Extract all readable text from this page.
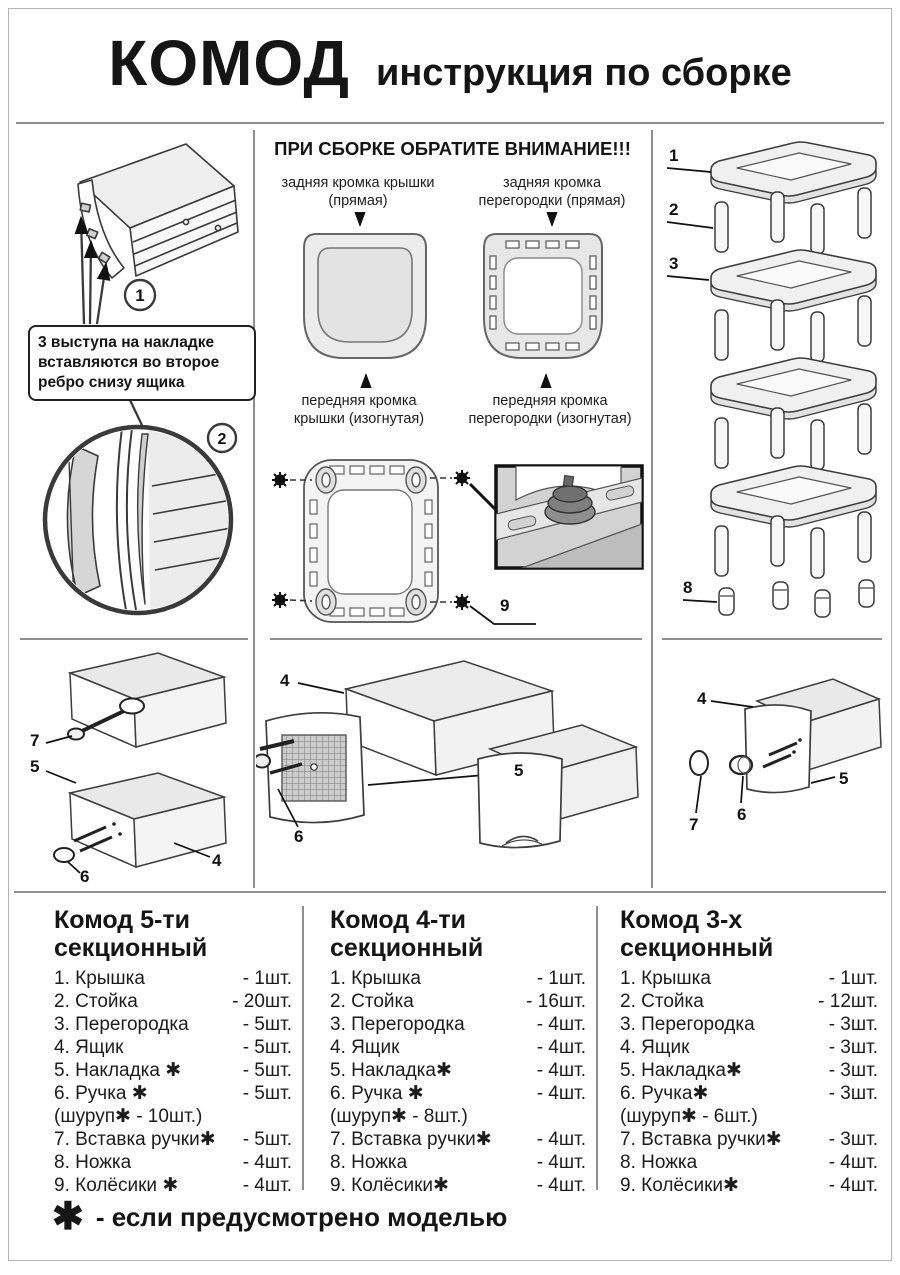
КОМОД инструкция по сборке
1
2
3 выступа на накладке вставляются во второе ребро снизу ящика
ПРИ СБОРКЕ ОБРАТИТЕ ВНИМАНИЕ!!!
задняя кромка крышки (прямая)
задняя кромка перегородки (прямая)
передняя кромка крышки (изогнутая)
передняя кромка перегородки (изогнутая)
9
1
2
3
8
7
5
6
4
4
6
5
4
5
6
7
Комод 5-ти секционный
1. Крышка	- 1шт.
2. Стойка	- 20шт.
3. Перегородка	- 5шт.
4. Ящик	- 5шт.
5. Накладка ✱	- 5шт.
6. Ручка ✱	- 5шт.
(шуруп✱ - 10шт.)
7. Вставка ручки✱	- 5шт.
8. Ножка	- 4шт.
9. Колёсики ✱	- 4шт.
Комод 4-ти секционный
1. Крышка	- 1шт.
2. Стойка	- 16шт.
3. Перегородка	- 4шт.
4. Ящик	- 4шт.
5. Накладка✱	- 4шт.
6. Ручка ✱	- 4шт.
(шуруп✱ - 8шт.)
7. Вставка ручки✱	- 4шт.
8. Ножка	- 4шт.
9. Колёсики✱	- 4шт.
Комод 3-х секционный
1. Крышка	- 1шт.
2. Стойка	- 12шт.
3. Перегородка	- 3шт.
4. Ящик	- 3шт.
5. Накладка✱	- 3шт.
6. Ручка✱	- 3шт.
(шуруп✱ - 6шт.)
7. Вставка ручки✱	- 3шт.
8. Ножка	- 4шт.
9. Колёсики✱	- 4шт.
✱ - если предусмотрено моделью
